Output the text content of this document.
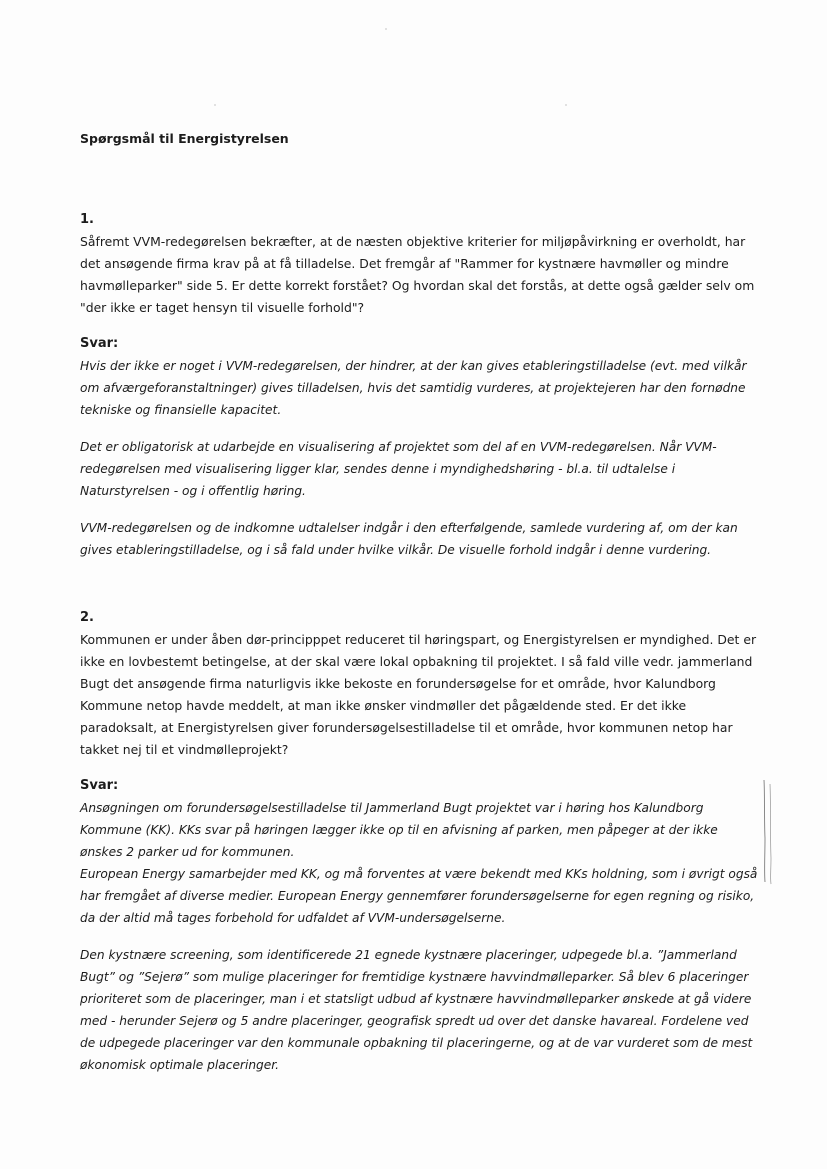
Spørgsmål til Energistyrelsen

1.

Såfremt VVM-redegørelsen bekræfter, at de næsten objektive kriterier for miljøpåvirkning er overholdt, har det ansøgende firma krav på at få tilladelse. Det fremgår af "Rammer for kystnære havmøller og mindre havmølleparker" side 5. Er dette korrekt forstået? Og hvordan skal det forstås, at dette også gælder selv om "der ikke er taget hensyn til visuelle forhold"?

Svar:

Hvis der ikke er noget i VVM-redegørelsen, der hindrer, at der kan gives etableringstilladelse (evt. med vilkår om afværgeforanstaltninger) gives tilladelsen, hvis det samtidig vurderes, at projektejeren har den fornødne tekniske og finansielle kapacitet.

Det er obligatorisk at udarbejde en visualisering af projektet som del af en VVM-redegørelsen. Når VVM-redegørelsen med visualisering ligger klar, sendes denne i myndighedshøring - bl.a. til udtalelse i Naturstyrelsen - og i offentlig høring.

VVM-redegørelsen og de indkomne udtalelser indgår i den efterfølgende, samlede vurdering af, om der kan gives etableringstilladelse, og i så fald under hvilke vilkår. De visuelle forhold indgår i denne vurdering.

2.

Kommunen er under åben dør-principppet reduceret til høringspart, og Energistyrelsen er myndighed. Det er ikke en lovbestemt betingelse, at der skal være lokal opbakning til projektet. I så fald ville vedr. jammerland Bugt det ansøgende firma naturligvis ikke bekoste en forundersøgelse for et område, hvor Kalundborg Kommune netop havde meddelt, at man ikke ønsker vindmøller det pågældende sted. Er det ikke paradoksalt, at Energistyrelsen giver forundersøgelsestilladelse til et område, hvor kommunen netop har takket nej til et vindmølleprojekt?

Svar:

Ansøgningen om forundersøgelsestilladelse til Jammerland Bugt projektet var i høring hos Kalundborg Kommune (KK). KKs svar på høringen lægger ikke op til en afvisning af parken, men påpeger at der ikke ønskes 2 parker ud for kommunen.

European Energy samarbejder med KK, og må forventes at være bekendt med KKs holdning, som i øvrigt også har fremgået af diverse medier. European Energy gennemfører forundersøgelserne for egen regning og risiko, da der altid må tages forbehold for udfaldet af VVM-undersøgelserne.

Den kystnære screening, som identificerede 21 egnede kystnære placeringer, udpegede bl.a. ”Jammerland Bugt” og ”Sejerø” som mulige placeringer for fremtidige kystnære havvindmølleparker. Så blev 6 placeringer prioriteret som de placeringer, man i et statsligt udbud af kystnære havvindmølleparker ønskede at gå videre med - herunder Sejerø og 5 andre placeringer, geografisk spredt ud over det danske havareal. Fordelene ved de udpegede placeringer var den kommunale opbakning til placeringerne, og at de var vurderet som de mest økonomisk optimale placeringer.
